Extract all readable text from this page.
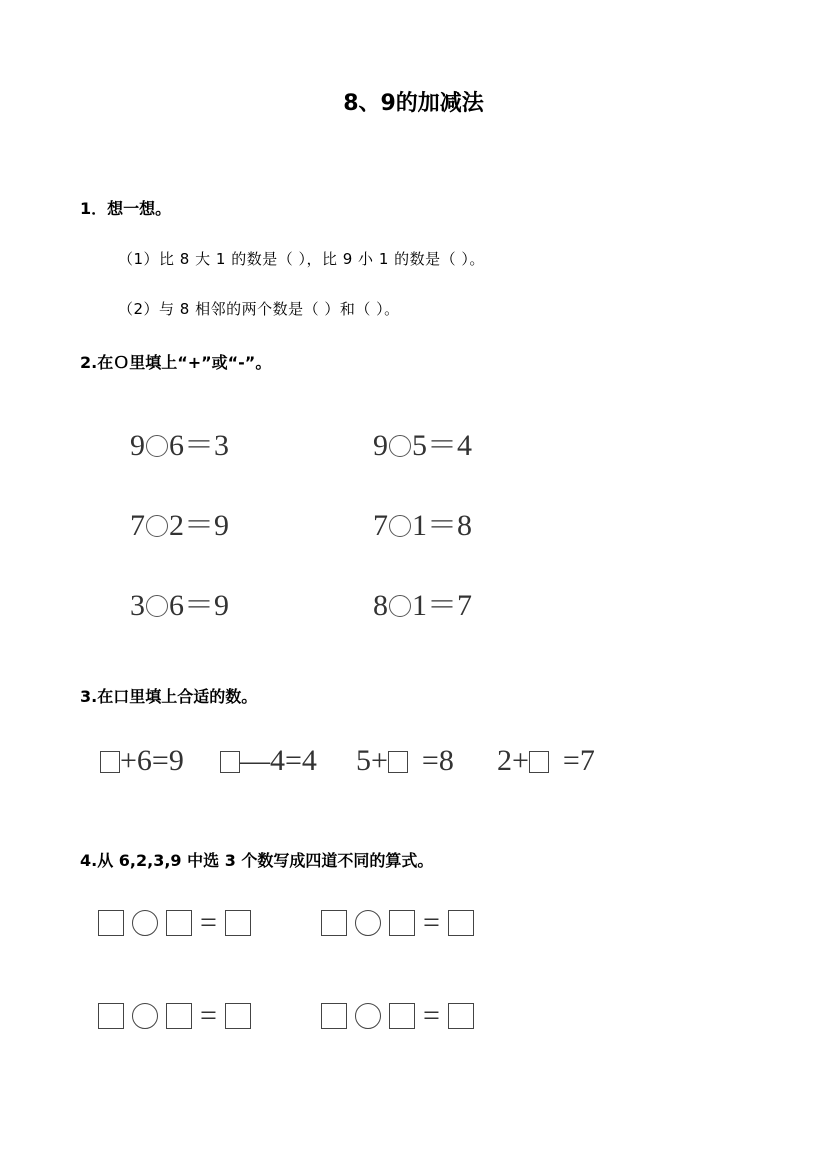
8、9的加减法
1．想一想。
（1）比 8 大 1 的数是（ ），比 9 小 1 的数是（ ）。
（2）与 8 相邻的两个数是（ ）和（ ）。
2.在Ｏ里填上“+”或“-”。
9 6＝3	9 5＝4
7 2＝9	7 1＝8
3 6＝9	8 1＝7
3.在口里填上合适的数。
+6=9	—4=4 5+ =8 2+ =7
4.从 6,2,3,9 中选 3 个数写成四道不同的算式。
=	=
=	=
